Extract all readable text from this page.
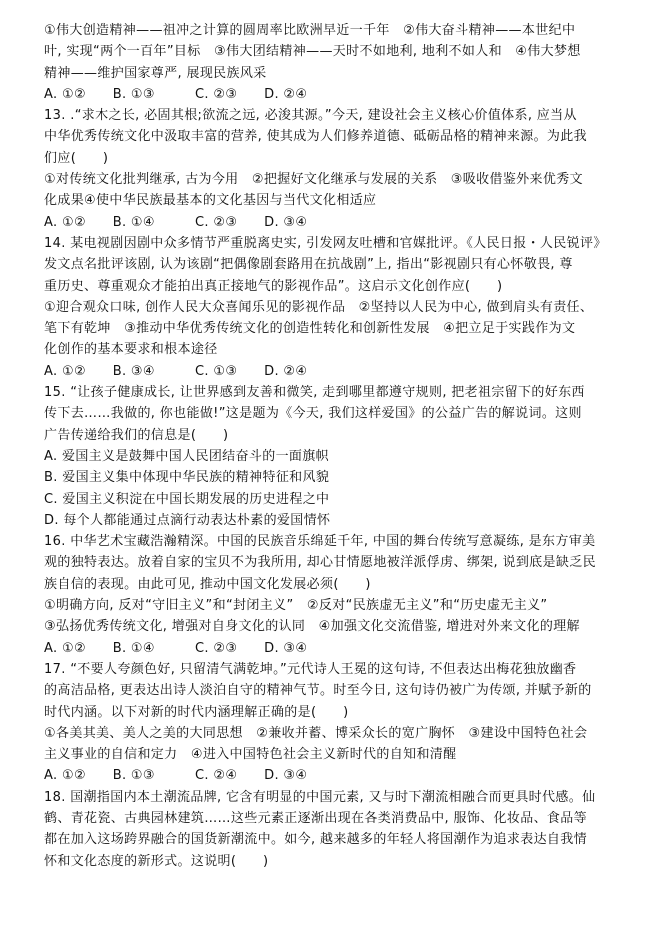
①伟大创造精神——祖冲之计算的圆周率比欧洲早近一千年　②伟大奋斗精神——本世纪中
叶, 实现“两个一百年”目标　③伟大团结精神——天时不如地利, 地利不如人和　④伟大梦想
精神——维护国家尊严, 展现民族风采
A. ①②　　B. ①③　　　C. ②③　　D. ②④
13. .“求木之长, 必固其根;欲流之远, 必浚其源。”今天, 建设社会主义核心价值体系, 应当从
中华优秀传统文化中汲取丰富的营养, 使其成为人们修养道德、砥砺品格的精神来源。为此我
们应(　　)
①对传统文化批判继承, 古为今用　②把握好文化继承与发展的关系　③吸收借鉴外来优秀文
化成果④使中华民族最基本的文化基因与当代文化相适应
A. ①②　　B. ①④　　　C. ②③　　D. ③④
14. 某电视剧因剧中众多情节严重脱离史实, 引发网友吐槽和官媒批评。《人民日报・人民锐评》
发文点名批评该剧, 认为该剧“把偶像剧套路用在抗战剧”上, 指出“影视剧只有心怀敬畏, 尊
重历史、尊重观众才能拍出真正接地气的影视作品”。这启示文化创作应(　　)
①迎合观众口味, 创作人民大众喜闻乐见的影视作品　②坚持以人民为中心, 做到肩头有责任、
笔下有乾坤　③推动中华优秀传统文化的创造性转化和创新性发展　④把立足于实践作为文
化创作的基本要求和根本途径
A. ①②　　B. ③④　　　C. ①③　　D. ②④
15. “让孩子健康成长, 让世界感到友善和微笑, 走到哪里都遵守规则, 把老祖宗留下的好东西
传下去……我做的, 你也能做!”这是题为《今天, 我们这样爱国》的公益广告的解说词。这则
广告传递给我们的信息是(　　)
A. 爱国主义是鼓舞中国人民团结奋斗的一面旗帜
B. 爱国主义集中体现中华民族的精神特征和风貌
C. 爱国主义积淀在中国长期发展的历史进程之中
D. 每个人都能通过点滴行动表达朴素的爱国情怀
16. 中华艺术宝藏浩瀚精深。中国的民族音乐绵延千年, 中国的舞台传统写意凝练, 是东方审美
观的独特表达。放着自家的宝贝不为我所用, 却心甘情愿地被洋派俘虏、绑架, 说到底是缺乏民
族自信的表现。由此可见, 推动中国文化发展必须(　　)
①明确方向, 反对“守旧主义”和“封闭主义”　②反对“民族虚无主义”和“历史虚无主义”
③弘扬优秀传统文化, 增强对自身文化的认同　④加强文化交流借鉴, 增进对外来文化的理解
A. ①②　　B. ①④　　　C. ②③　　D. ③④
17. “不要人夸颜色好, 只留清气满乾坤。”元代诗人王冕的这句诗, 不但表达出梅花独放幽香
的高洁品格, 更表达出诗人淡泊自守的精神气节。时至今日, 这句诗仍被广为传颂, 并赋予新的
时代内涵。以下对新的时代内涵理解正确的是(　　)
①各美其美、美人之美的大同思想　②兼收并蓄、博采众长的宽广胸怀　③建设中国特色社会
主义事业的自信和定力　④进入中国特色社会主义新时代的自知和清醒
A. ①②　　B. ①③　　　C. ②④　　D. ③④
18. 国潮指国内本土潮流品牌, 它含有明显的中国元素, 又与时下潮流相融合而更具时代感。仙
鹤、青花瓷、古典园林建筑……这些元素正逐渐出现在各类消费品中, 服饰、化妆品、食品等
都在加入这场跨界融合的国货新潮流中。如今, 越来越多的年轻人将国潮作为追求表达自我情
怀和文化态度的新形式。这说明(　　)
